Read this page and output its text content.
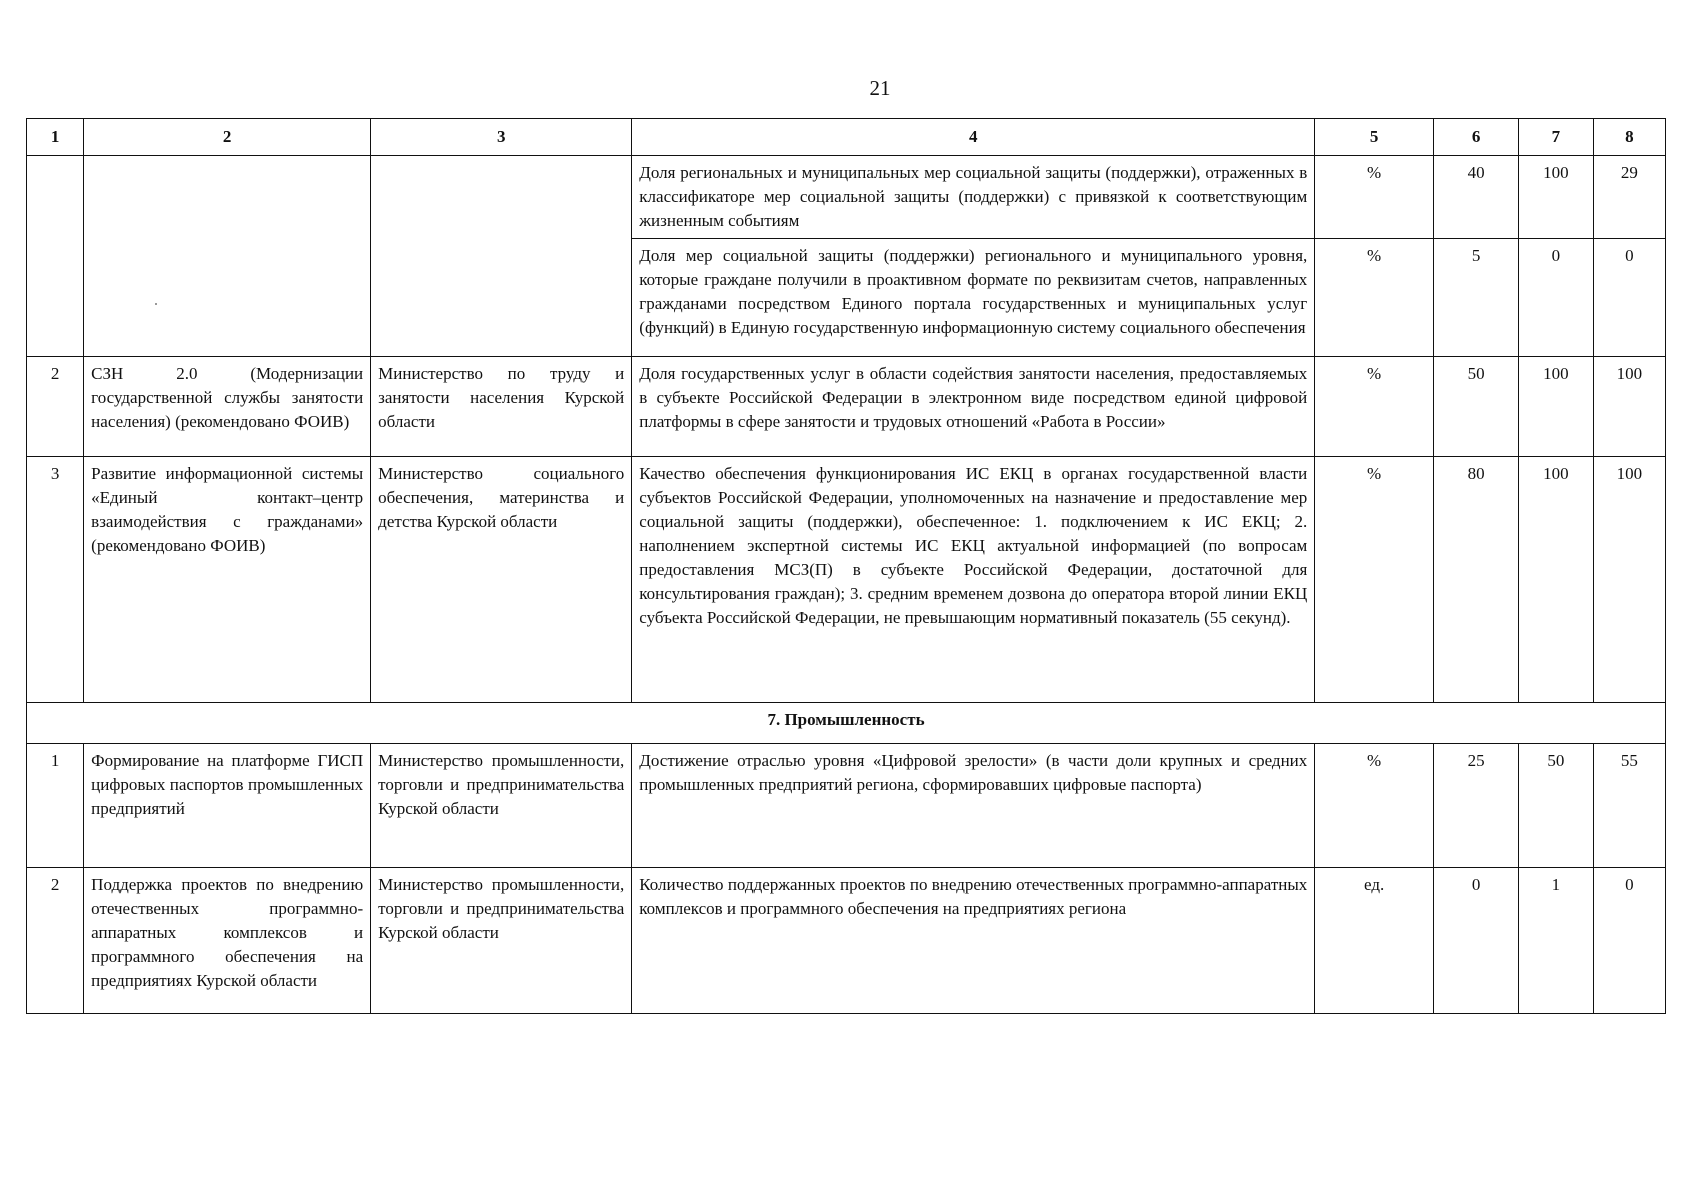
21
1	2	3	4	5	6	7	8
			Доля региональных и муниципальных мер социальной защиты (поддержки), отраженных в классификаторе мер социальной защиты (поддержки) с привязкой к соответствующим жизненным событиям	%	40	100	29
			Доля мер социальной защиты (поддержки) регионального и муниципального уровня, которые граждане получили в проактивном формате по реквизитам счетов, направленных гражданами посредством Единого портала государственных и муниципальных услуг (функций) в Единую государственную информационную систему социального обеспечения	%	5	0	0
2	СЗН 2.0 (Модернизации государственной службы занятости населения) (рекомендовано ФОИВ)	Министерство по труду и занятости населения Курской области	Доля государственных услуг в области содействия занятости населения, предоставляемых в субъекте Российской Федерации в электронном виде посредством единой цифровой платформы в сфере занятости и трудовых отношений «Работа в России»	%	50	100	100
3	Развитие информационной системы «Единый контакт–центр взаимодействия с гражданами» (рекомендовано ФОИВ)	Министерство социального обеспечения, материнства и детства Курской области	Качество обеспечения функционирования ИС ЕКЦ в органах государственной власти субъектов Российской Федерации, уполномоченных на назначение и предоставление мер социальной защиты (поддержки), обеспеченное: 1. подключением к ИС ЕКЦ; 2. наполнением экспертной системы ИС ЕКЦ актуальной информацией (по вопросам предоставления МСЗ(П) в субъекте Российской Федерации, достаточной для консультирования граждан); 3. средним временем дозвона до оператора второй линии ЕКЦ субъекта Российской Федерации, не превышающим нормативный показатель (55 секунд).	%	80	100	100
7. Промышленность							
1	Формирование на платформе ГИСП цифровых паспортов промышленных предприятий	Министерство промышленности, торговли и предпринимательства Курской области	Достижение отраслью уровня «Цифровой зрелости» (в части доли крупных и средних промышленных предприятий региона, сформировавших цифровые паспорта)	%	25	50	55
2	Поддержка проектов по внедрению отечественных программно-аппаратных комплексов и программного обеспечения на предприятиях Курской области	Министерство промышленности, торговли и предпринимательства Курской области	Количество поддержанных проектов по внедрению отечественных программно-аппаратных комплексов и программного обеспечения на предприятиях региона	ед.	0	1	0
